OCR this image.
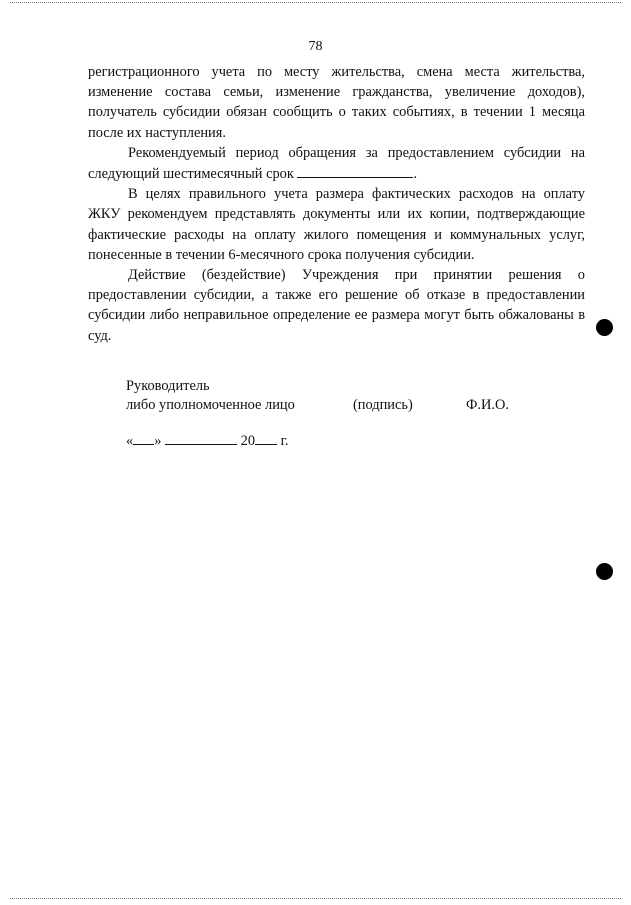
78

регистрационного учета по месту жительства, смена места жительства, изменение состава семьи, изменение гражданства, увеличение доходов), получатель субсидии обязан сообщить о таких событиях, в течении 1 месяца после их наступления.

Рекомендуемый период обращения за предоставлением субсидии на следующий шестимесячный срок	.

В целях правильного учета размера фактических расходов на оплату ЖКУ рекомендуем представлять документы или их копии, подтверждающие фактические расходы на оплату жилого помещения и коммунальных услуг, понесенные в течении 6-месячного срока получения субсидии.

Действие (бездействие) Учреждения при принятии решения о предоставлении субсидии, а также его решение об отказе в предоставлении субсидии либо неправильное определение ее размера могут быть обжалованы в суд.

Руководитель
либо уполномоченное лицо	(подпись)	Ф.И.О.
« »	20 г.
